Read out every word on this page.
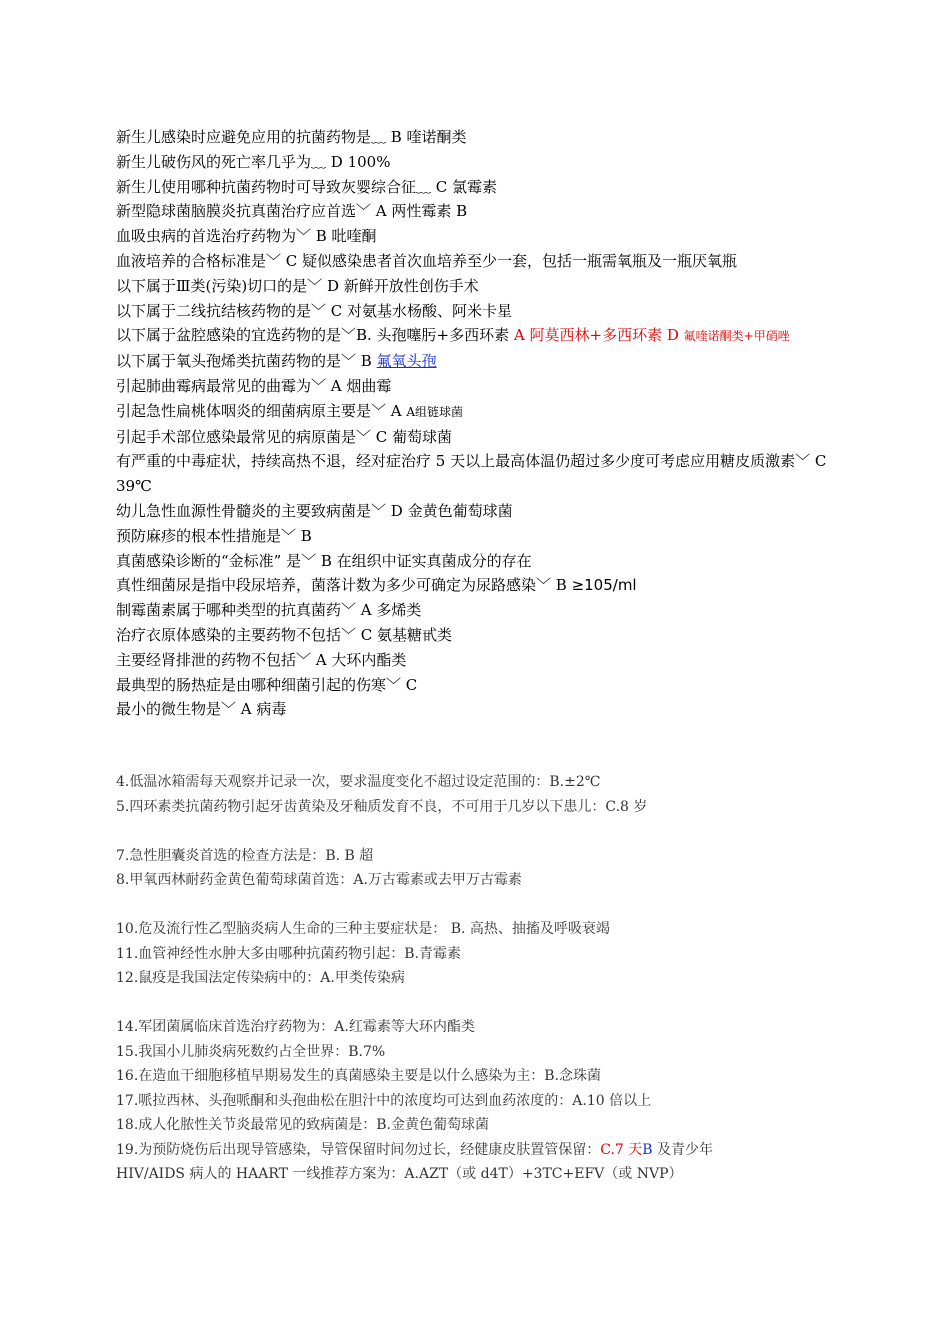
新生儿感染时应避免应用的抗菌药物是﹏ B 喹诺酮类
新生儿破伤风的死亡率几乎为﹏ D 100%
新生儿使用哪种抗菌药物时可导致灰婴综合征﹏ C 氯霉素
新型隐球菌脑膜炎抗真菌治疗应首选﹀ A 两性霉素 B
血吸虫病的首选治疗药物为﹀ B 吡喹酮
血液培养的合格标准是﹀ C 疑似感染患者首次血培养至少一套，包括一瓶需氧瓶及一瓶厌氧瓶
以下属于Ⅲ类(污染)切口的是﹀ D 新鲜开放性创伤手术
以下属于二线抗结核药物的是﹀ C 对氨基水杨酸、阿米卡星
以下属于盆腔感染的宜选药物的是﹀B. 头孢噻肟+多西环素 A 阿莫西林+多西环素 D 氟喹诺酮类+甲硝唑
以下属于氧头孢烯类抗菌药物的是﹀ B 氟氧头孢
引起肺曲霉病最常见的曲霉为﹀ A 烟曲霉
引起急性扁桃体咽炎的细菌病原主要是﹀ A A组链球菌
引起手术部位感染最常见的病原菌是﹀ C 葡萄球菌
有严重的中毒症状，持续高热不退，经对症治疗 5 天以上最高体温仍超过多少度可考虑应用糖皮质激素﹀ C 39℃
幼儿急性血源性骨髓炎的主要致病菌是﹀ D 金黄色葡萄球菌
预防麻疹的根本性措施是﹀ B
真菌感染诊断的“金标准” 是﹀ B 在组织中证实真菌成分的存在
真性细菌尿是指中段尿培养，菌落计数为多少可确定为尿路感染﹀ B ≥105/ml
制霉菌素属于哪种类型的抗真菌药﹀ A 多烯类
治疗衣原体感染的主要药物不包括﹀ C 氨基糖甙类
主要经肾排泄的药物不包括﹀ A 大环内酯类
最典型的肠热症是由哪种细菌引起的伤寒﹀ C
最小的微生物是﹀ A 病毒
4.低温冰箱需每天观察并记录一次，要求温度变化不超过设定范围的：B.±2℃
5.四环素类抗菌药物引起牙齿黄染及牙釉质发育不良，不可用于几岁以下患儿：C.8 岁
7.急性胆囊炎首选的检查方法是：B. B 超
8.甲氧西林耐药金黄色葡萄球菌首选：A.万古霉素或去甲万古霉素
10.危及流行性乙型脑炎病人生命的三种主要症状是： B. 高热、抽搐及呼吸衰竭
11.血管神经性水肿大多由哪种抗菌药物引起：B.青霉素
12.鼠疫是我国法定传染病中的：A.甲类传染病
14.军团菌属临床首选治疗药物为：A.红霉素等大环内酯类
15.我国小儿肺炎病死数约占全世界：B.7%
16.在造血干细胞移植早期易发生的真菌感染主要是以什么感染为主：B.念珠菌
17.哌拉西林、头孢哌酮和头孢曲松在胆汁中的浓度均可达到血药浓度的：A.10 倍以上
18.成人化脓性关节炎最常见的致病菌是：B.金黄色葡萄球菌
19.为预防烧伤后出现导管感染，导管保留时间勿过长，经健康皮肤置管保留：C.7 天B 及青少年
HIV/AIDS 病人的 HAART 一线推荐方案为：A.AZT（或 d4T）+3TC+EFV（或 NVP）
